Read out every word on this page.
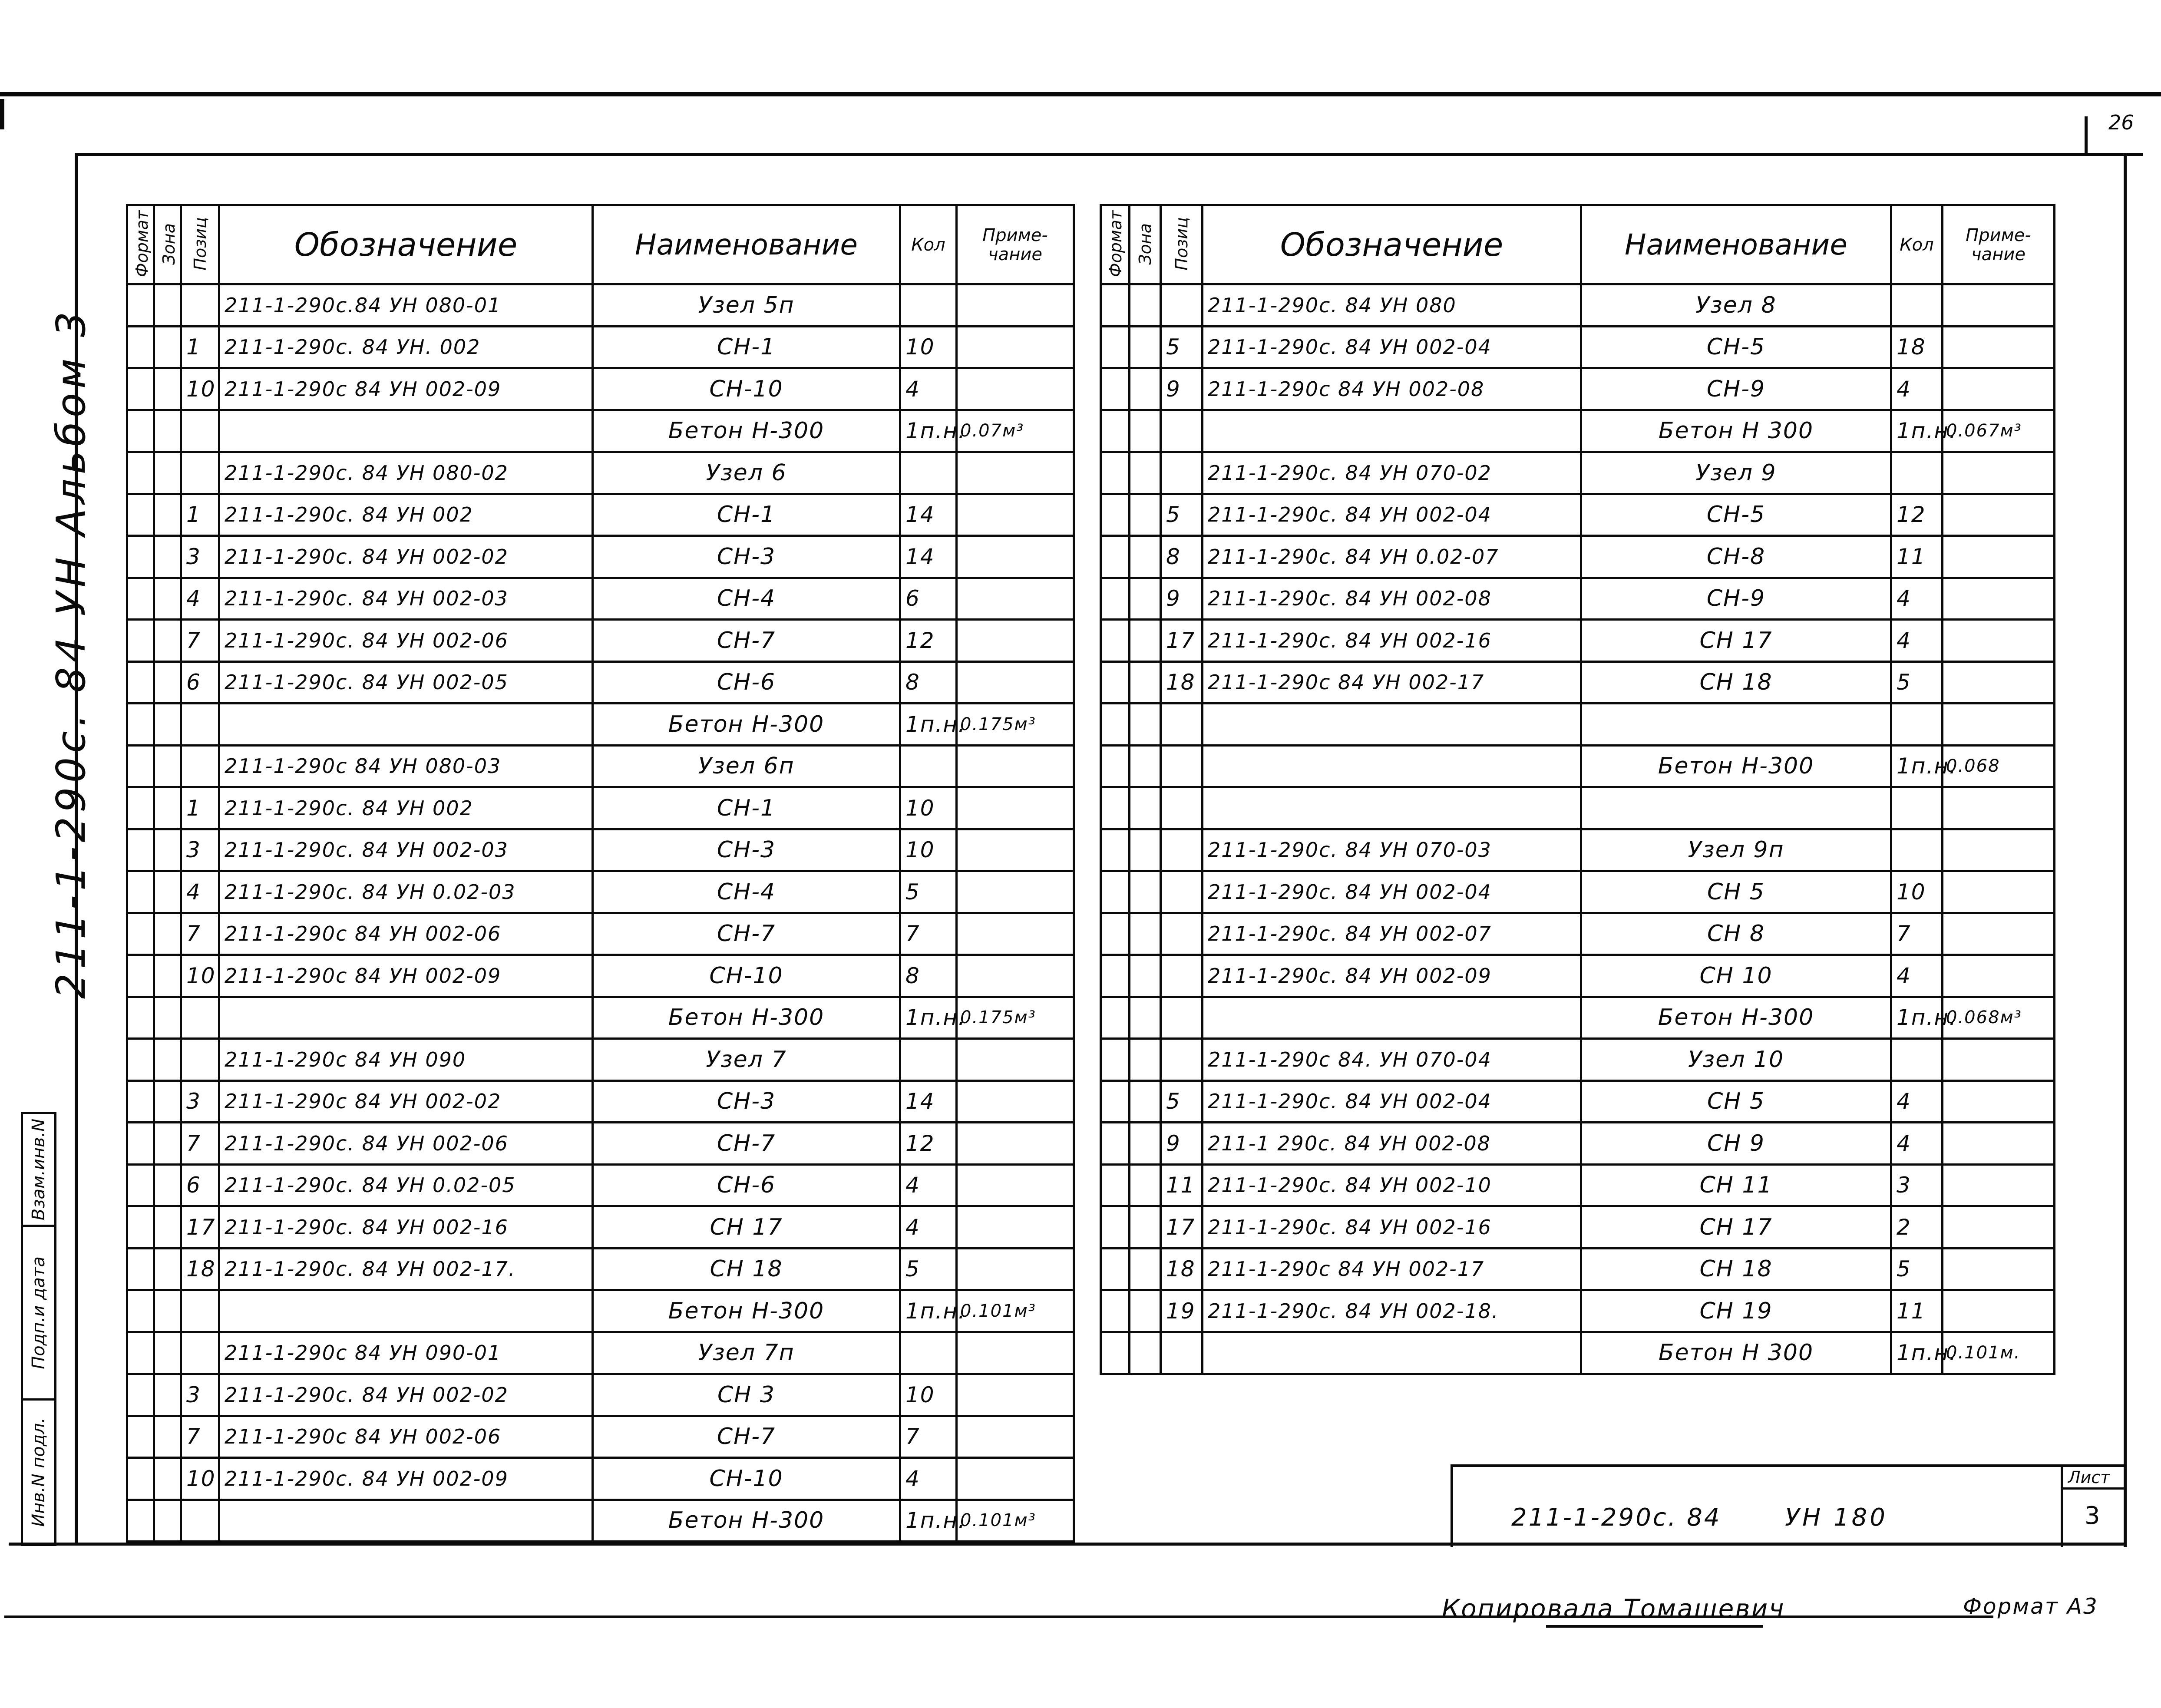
26
211-1-290с. 84 УН Альбом 3
Инв.N подл.
Подп.и дата
Взам.инв.N
Формат	Зона	Позиц	Обозначение	Наименование	Кол	Приме-
чание
			211-1-290с.84 УН 080-01	Узел 5п		
		1	211-1-290с. 84 УН. 002	СН-1	10	
		10	211-1-290с 84 УН 002-09	СН-10	4	
				Бетон Н-300	1п.н.	0.07м³
			211-1-290с. 84 УН 080-02	Узел 6		
		1	211-1-290с. 84 УН 002	СН-1	14	
		3	211-1-290с. 84 УН 002-02	СН-3	14	
		4	211-1-290с. 84 УН 002-03	СН-4	6	
		7	211-1-290с. 84 УН 002-06	СН-7	12	
		6	211-1-290с. 84 УН 002-05	СН-6	8	
				Бетон Н-300	1п.н.	0.175м³
			211-1-290с 84 УН 080-03	Узел 6п		
		1	211-1-290с. 84 УН 002	СН-1	10	
		3	211-1-290с. 84 УН 002-03	СН-3	10	
		4	211-1-290с. 84 УН 0.02-03	СН-4	5	
		7	211-1-290с 84 УН 002-06	СН-7	7	
		10	211-1-290с 84 УН 002-09	СН-10	8	
				Бетон Н-300	1п.н.	0.175м³
			211-1-290с 84 УН 090	Узел 7		
		3	211-1-290с 84 УН 002-02	СН-3	14	
		7	211-1-290с. 84 УН 002-06	СН-7	12	
		6	211-1-290с. 84 УН 0.02-05	СН-6	4	
		17	211-1-290с. 84 УН 002-16	СН 17	4	
		18	211-1-290с. 84 УН 002-17.	СН 18	5	
				Бетон Н-300	1п.н.	0.101м³
			211-1-290с 84 УН 090-01	Узел 7п		
		3	211-1-290с. 84 УН 002-02	СН 3	10	
		7	211-1-290с 84 УН 002-06	СН-7	7	
		10	211-1-290с. 84 УН 002-09	СН-10	4	
				Бетон Н-300	1п.н.	0.101м³
Формат	Зона	Позиц	Обозначение	Наименование	Кол	Приме-
чание
			211-1-290с. 84 УН 080	Узел 8		
		5	211-1-290с. 84 УН 002-04	СН-5	18	
		9	211-1-290с 84 УН 002-08	СН-9	4	
				Бетон Н 300	1п.н.	0.067м³
			211-1-290с. 84 УН 070-02	Узел 9		
		5	211-1-290с. 84 УН 002-04	СН-5	12	
		8	211-1-290с. 84 УН 0.02-07	СН-8	11	
		9	211-1-290с. 84 УН 002-08	СН-9	4	
		17	211-1-290с. 84 УН 002-16	СН 17	4	
		18	211-1-290с 84 УН 002-17	СН 18	5	

				Бетон Н-300	1п.н.	0.068

			211-1-290с. 84 УН 070-03	Узел 9п		
			211-1-290с. 84 УН 002-04	СН 5	10	
			211-1-290с. 84 УН 002-07	СН 8	7	
			211-1-290с. 84 УН 002-09	СН 10	4	
				Бетон Н-300	1п.н.	0.068м³
			211-1-290с 84. УН 070-04	Узел 10		
		5	211-1-290с. 84 УН 002-04	СН 5	4	
		9	211-1 290с. 84 УН 002-08	СН 9	4	
		11	211-1-290с. 84 УН 002-10	СН 11	3	
		17	211-1-290с. 84 УН 002-16	СН 17	2	
		18	211-1-290с 84 УН 002-17	СН 18	5	
		19	211-1-290с. 84 УН 002-18.	СН 19	11	
				Бетон Н 300	1п.н.	0.101м.
211-1-290с. 84	УН 180
Лист
3
Копировала Томашевич	Формат А3
